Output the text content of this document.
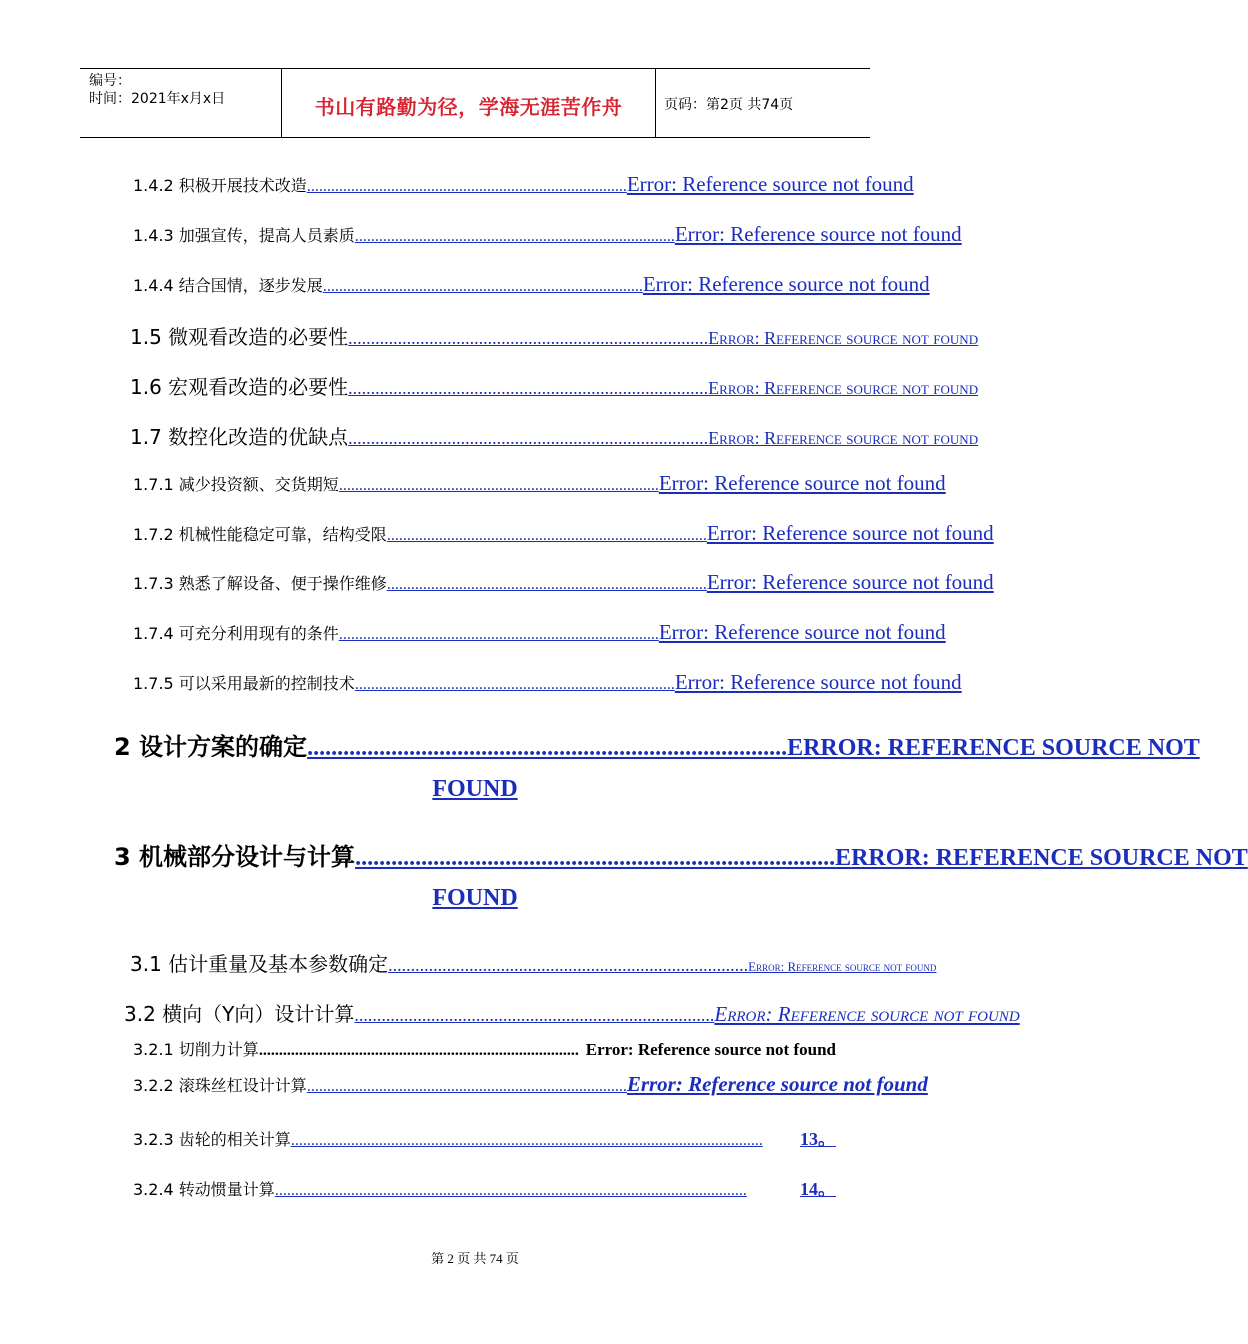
编号：
时间：2021年x月x日	书山有路勤为径，学海无涯苦作舟	页码：第2页 共74页
1.4.2 积极开展技术改造 ................................................................................ Error: Reference source not found
1.4.3 加强宣传，提高人员素质 ................................................................................ Error: Reference source not found
1.4.4 结合国情，逐步发展 ................................................................................ Error: Reference source not found
1.5 微观看改造的必要性 ................................................................................ Error: Reference source not found
1.6 宏观看改造的必要性 ................................................................................ Error: Reference source not found
1.7 数控化改造的优缺点 ................................................................................ Error: Reference source not found
1.7.1 减少投资额、交货期短 ................................................................................ Error: Reference source not found
1.7.2 机械性能稳定可靠，结构受限 ................................................................................ Error: Reference source not found
1.7.3 熟悉了解设备、便于操作维修 ................................................................................ Error: Reference source not found
1.7.4 可充分利用现有的条件 ................................................................................ Error: Reference source not found
1.7.5 可以采用最新的控制技术 ................................................................................ Error: Reference source not found
2 设计方案的确定 ................................................................................ ERROR: REFERENCE SOURCE NOT
FOUND
3 机械部分设计与计算 ................................................................................ ERROR: REFERENCE SOURCE NOT
FOUND
3.1 估计重量及基本参数确定 ................................................................................ Error: Reference source not found
3.2 横向（Y向）设计计算 ................................................................................ Error: Reference source not found
3.2.1 切削力计算 ................................................................................ Error: Reference source not found
3.2.2 滚珠丝杠设计计算 ................................................................................ Error: Reference source not found
3.2.3 齿轮的相关计算 ......................................................................................................................	13。
3.2.4 转动惯量计算 ......................................................................................................................	14。
第 2 页 共 74 页
